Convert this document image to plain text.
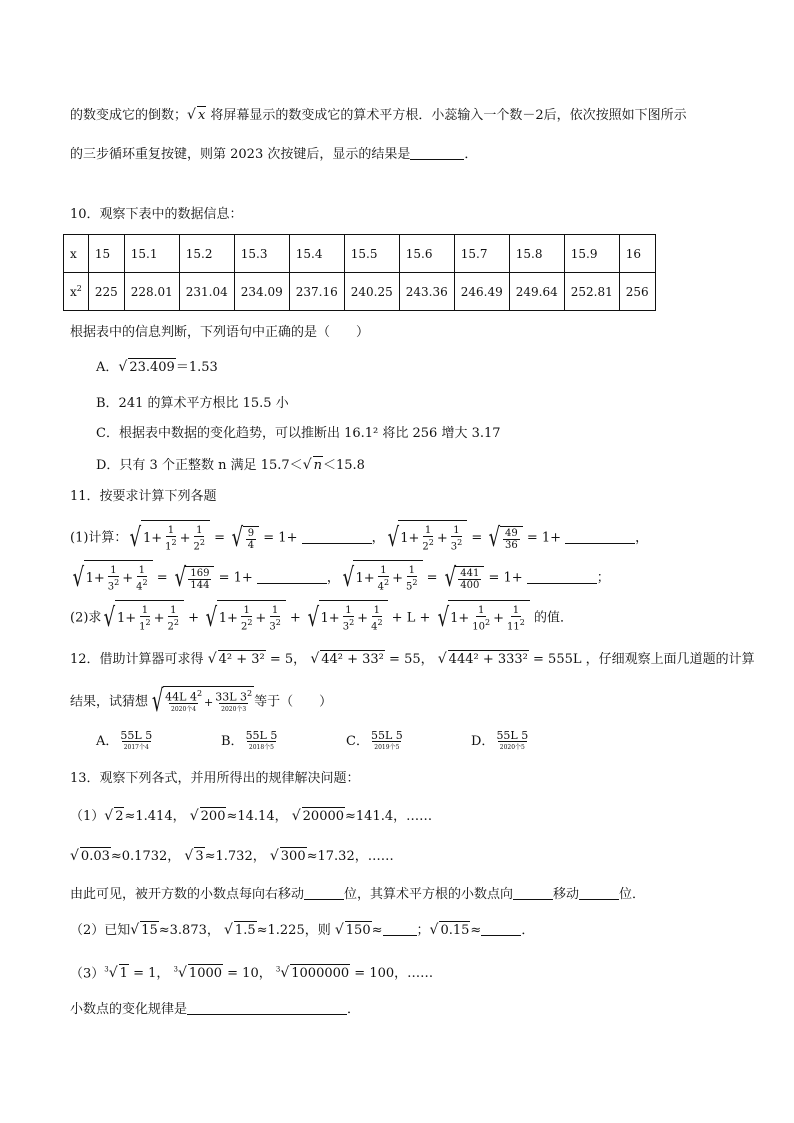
的数变成它的倒数；√ x 将屏幕显示的数变成它的算术平方根．小蕊输入一个数－2后，依次按照如下图所示
的三步循环重复按键，则第 2023 次按键后，显示的结果是	．
10．观察下表中的数据信息：
x	15	15.1	15.2	15.3	15.4	15.5	15.6	15.7	15.8	15.9	16
$x^2$	225	228.01	231.04	234.09	237.16	240.25	243.36	246.49	249.64	252.81	256
根据表中的信息判断，下列语句中正确的是（　　）
A．√ 23.409＝1.53
B．241 的算术平方根比 15.5 小
C．根据表中数据的变化趋势，可以推断出 16.1² 将比 256 增大 3.17
D．只有 3 个正整数 n 满足 15.7＜√ n＜15.8
11．按要求计算下列各题
(1)计算： √ $1+ \frac{1}{1^2} + \frac{1}{2^2}$ = √ $\frac{9}{4} = 1+$	， √ $1+ \frac{1}{2^2} + \frac{1}{3^2}$ = √ $\frac{49}{36} = 1+$	，
√ $1+ \frac{1}{3^2} + \frac{1}{4^2}$ = √ $\frac{169}{144} = 1+$	， √ $1+ \frac{1}{4^2} + \frac{1}{5^2}$ = √ $\frac{441}{400} = 1+$	；
(2)求 √ $1+ \frac{1}{1^2} + \frac{1}{2^2}$ + √ $1+ \frac{1}{2^2} + \frac{1}{3^2}$ + √ $1+ \frac{1}{3^2} + \frac{1}{4^2} + L$ + √ $1+ \frac{1}{10^2} + \frac{1}{11^2}$ 的值．
12．借助计算器可求得 √ 4² + 3² = 5， √ 44² + 33² = 55， √ 444² + 333² = 555L ，仔细观察上面几道题的计算
结果，试猜想 √ 44L $4^2$
2020个4
+ 33L $3^2$
2020个3 等于（　　）
A． 55L 5
2017个4	B． 55L 5
2018个5	C． 55L 5
2019个5	D． 55L 5
2020个5
13．观察下列各式，并用所得出的规律解决问题：
（1）√ 2≈1.414， √ 200≈14.14， √ 20000≈141.4，……
√ 0.03≈0.1732， √ 3≈1.732， √ 300≈17.32，……
由此可见，被开方数的小数点每向右移动	位，其算术平方根的小数点向	移动	位．
（2）已知√ 15≈3.873， √ 1.5≈1.225，则 √ 150≈	；√ 0.15≈	．
$(3)^3√$ 1 = 1， $^3$√ 1000 = 10， $^3$√ 1000000 = 100，……
小数点的变化规律是	．
